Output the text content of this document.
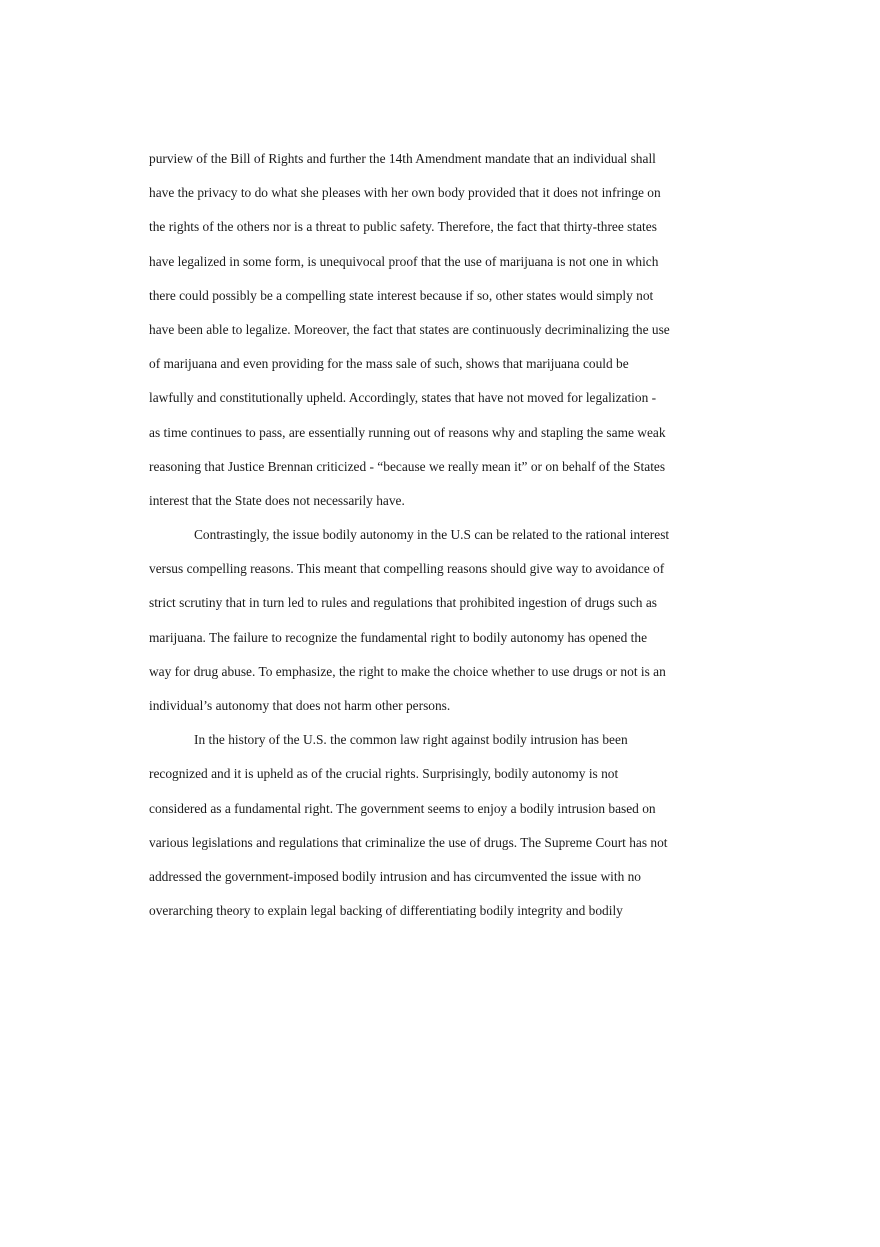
purview of the Bill of Rights and further the 14th Amendment mandate that an individual shall
have the privacy to do what she pleases with her own body provided that it does not infringe on
the rights of the others nor is a threat to public safety. Therefore, the fact that thirty-three states
have legalized in some form, is unequivocal proof that the use of marijuana is not one in which
there could possibly be a compelling state interest because if so, other states would simply not
have been able to legalize. Moreover, the fact that states are continuously decriminalizing the use
of marijuana and even providing for the mass sale of such, shows that marijuana could be
lawfully and constitutionally upheld. Accordingly, states that have not moved for legalization -
as time continues to pass, are essentially running out of reasons why and stapling the same weak
reasoning that Justice Brennan criticized - “because we really mean it” or on behalf of the States
interest that the State does not necessarily have.
Contrastingly, the issue bodily autonomy in the U.S can be related to the rational interest
versus compelling reasons. This meant that compelling reasons should give way to avoidance of
strict scrutiny that in turn led to rules and regulations that prohibited ingestion of drugs such as
marijuana. The failure to recognize the fundamental right to bodily autonomy has opened the
way for drug abuse. To emphasize, the right to make the choice whether to use drugs or not is an
individual’s autonomy that does not harm other persons.
In the history of the U.S. the common law right against bodily intrusion has been
recognized and it is upheld as of the crucial rights. Surprisingly, bodily autonomy is not
considered as a fundamental right. The government seems to enjoy a bodily intrusion based on
various legislations and regulations that criminalize the use of drugs. The Supreme Court has not
addressed the government-imposed bodily intrusion and has circumvented the issue with no
overarching theory to explain legal backing of differentiating bodily integrity and bodily
